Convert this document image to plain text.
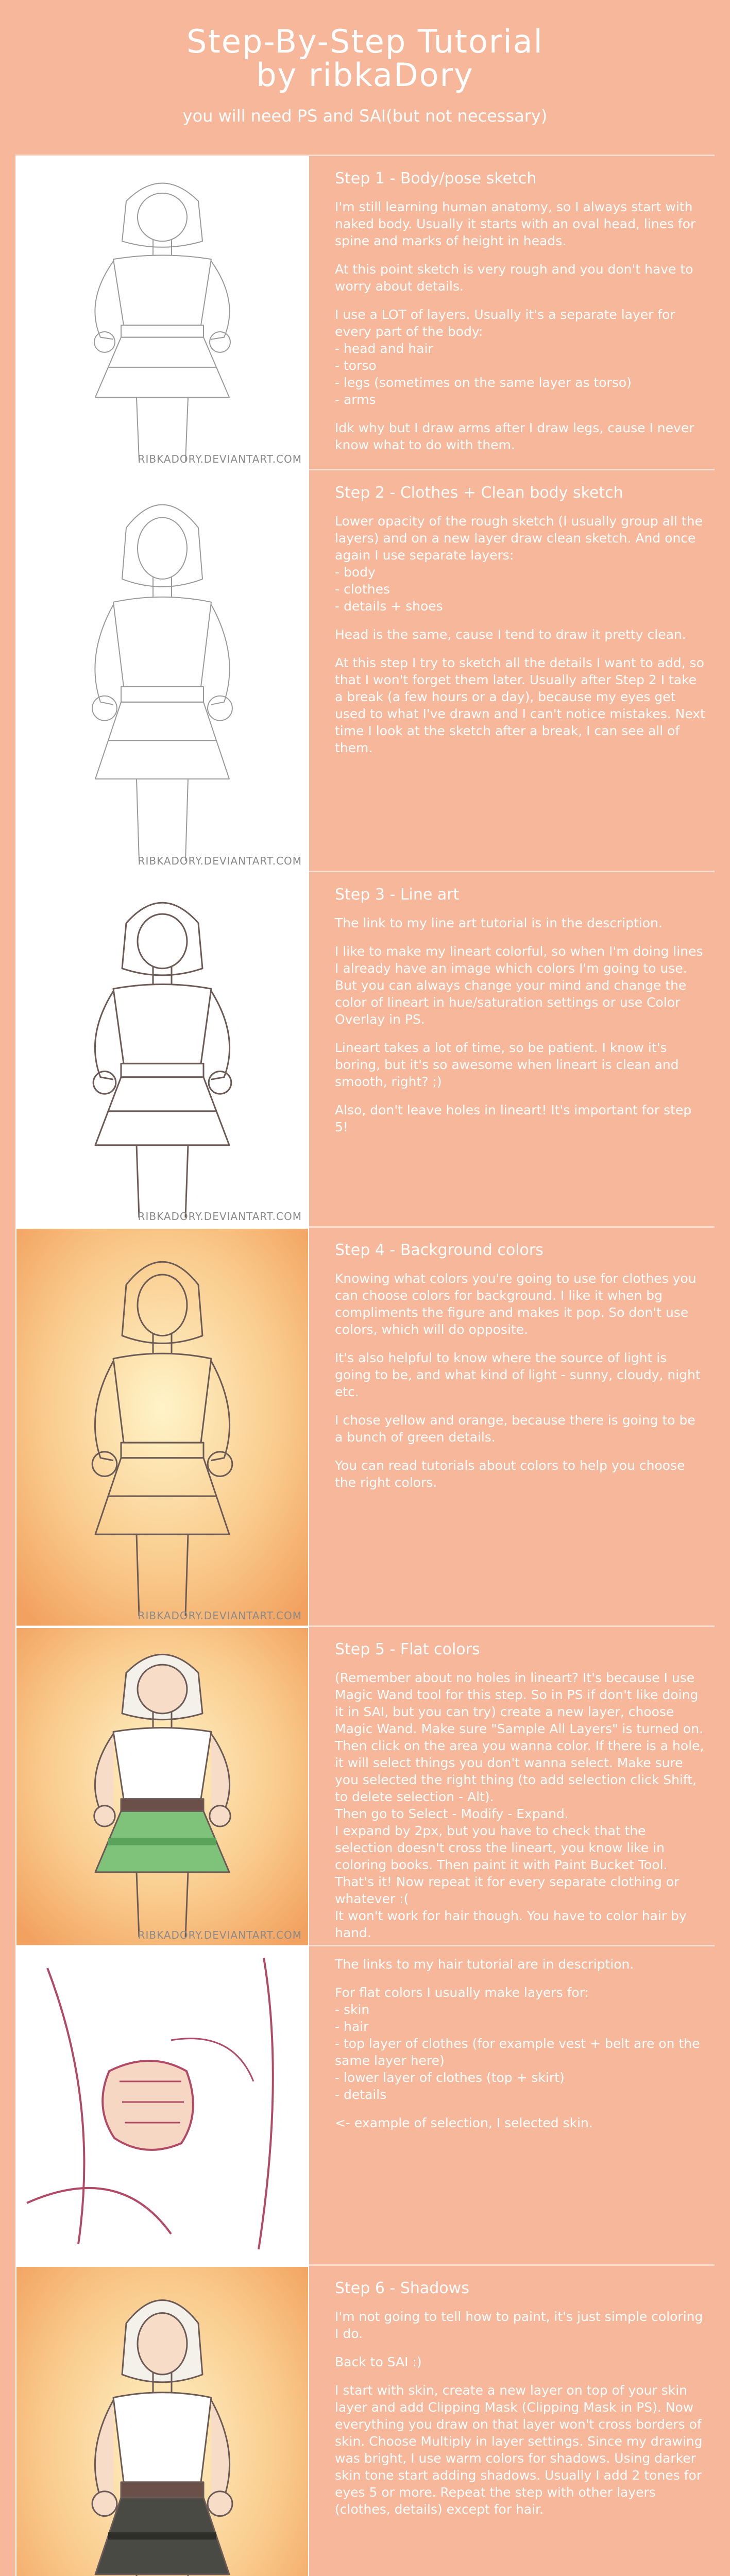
Step-By-Step Tutorial
by ribkaDory
you will need PS and SAI(but not necessary)
RIBKADORY.DEVIANTART.COM
Step 1 - Body/pose sketch

I'm still learning human anatomy, so I always start with naked body. Usually it starts with an oval head, lines for spine and marks of height in heads.

At this point sketch is very rough and you don't have to worry about details.

I use a LOT of layers. Usually it's a separate layer for every part of the body:
- head and hair
- torso
- legs (sometimes on the same layer as torso)
- arms

Idk why but I draw arms after I draw legs, cause I never know what to do with them.

RIBKADORY.DEVIANTART.COM
Step 2 - Clothes + Clean body sketch

Lower opacity of the rough sketch (I usually group all the layers) and on a new layer draw clean sketch. And once again I use separate layers:
- body
- clothes
- details + shoes

Head is the same, cause I tend to draw it pretty clean.

At this step I try to sketch all the details I want to add, so that I won't forget them later. Usually after Step 2 I take a break (a few hours or a day), because my eyes get used to what I've drawn and I can't notice mistakes. Next time I look at the sketch after a break, I can see all of them.

RIBKADORY.DEVIANTART.COM
Step 3 - Line art

The link to my line art tutorial is in the description.

I like to make my lineart colorful, so when I'm doing lines I already have an image which colors I'm going to use. But you can always change your mind and change the color of lineart in hue/saturation settings or use Color Overlay in PS.

Lineart takes a lot of time, so be patient. I know it's boring, but it's so awesome when lineart is clean and smooth, right? ;)

Also, don't leave holes in lineart! It's important for step 5!

RIBKADORY.DEVIANTART.COM
Step 4 - Background colors

Knowing what colors you're going to use for clothes you can choose colors for background. I like it when bg compliments the figure and makes it pop. So don't use colors, which will do opposite.

It's also helpful to know where the source of light is going to be, and what kind of light - sunny, cloudy, night etc.

I chose yellow and orange, because there is going to be a bunch of green details.

You can read tutorials about colors to help you choose the right colors.

RIBKADORY.DEVIANTART.COM
Step 5 - Flat colors

(Remember about no holes in lineart? It's because I use Magic Wand tool for this step. So in PS if don't like doing it in SAI, but you can try) create a new layer, choose Magic Wand. Make sure "Sample All Layers" is turned on. Then click on the area you wanna color. If there is a hole, it will select things you don't wanna select. Make sure you selected the right thing (to add selection click Shift, to delete selection - Alt).
Then go to Select - Modify - Expand.
I expand by 2px, but you have to check that the selection doesn't cross the lineart, you know like in coloring books. Then paint it with Paint Bucket Tool. That's it! Now repeat it for every separate clothing or whatever :(
It won't work for hair though. You have to color hair by hand.

The links to my hair tutorial are in description.

For flat colors I usually make layers for:
- skin
- hair
- top layer of clothes (for example vest + belt are on the same layer here)
- lower layer of clothes (top + skirt)
- details

<- example of selection, I selected skin.

Step 6 - Shadows

I'm not going to tell how to paint, it's just simple coloring I do.

Back to SAI :)

I start with skin, create a new layer on top of your skin layer and add Clipping Mask (Clipping Mask in PS). Now everything you draw on that layer won't cross borders of skin. Choose Multiply in layer settings. Since my drawing was bright, I use warm colors for shadows. Using darker skin tone start adding shadows. Usually I add 2 tones for eyes 5 or more. Repeat the step with other layers (clothes, details) except for hair.
